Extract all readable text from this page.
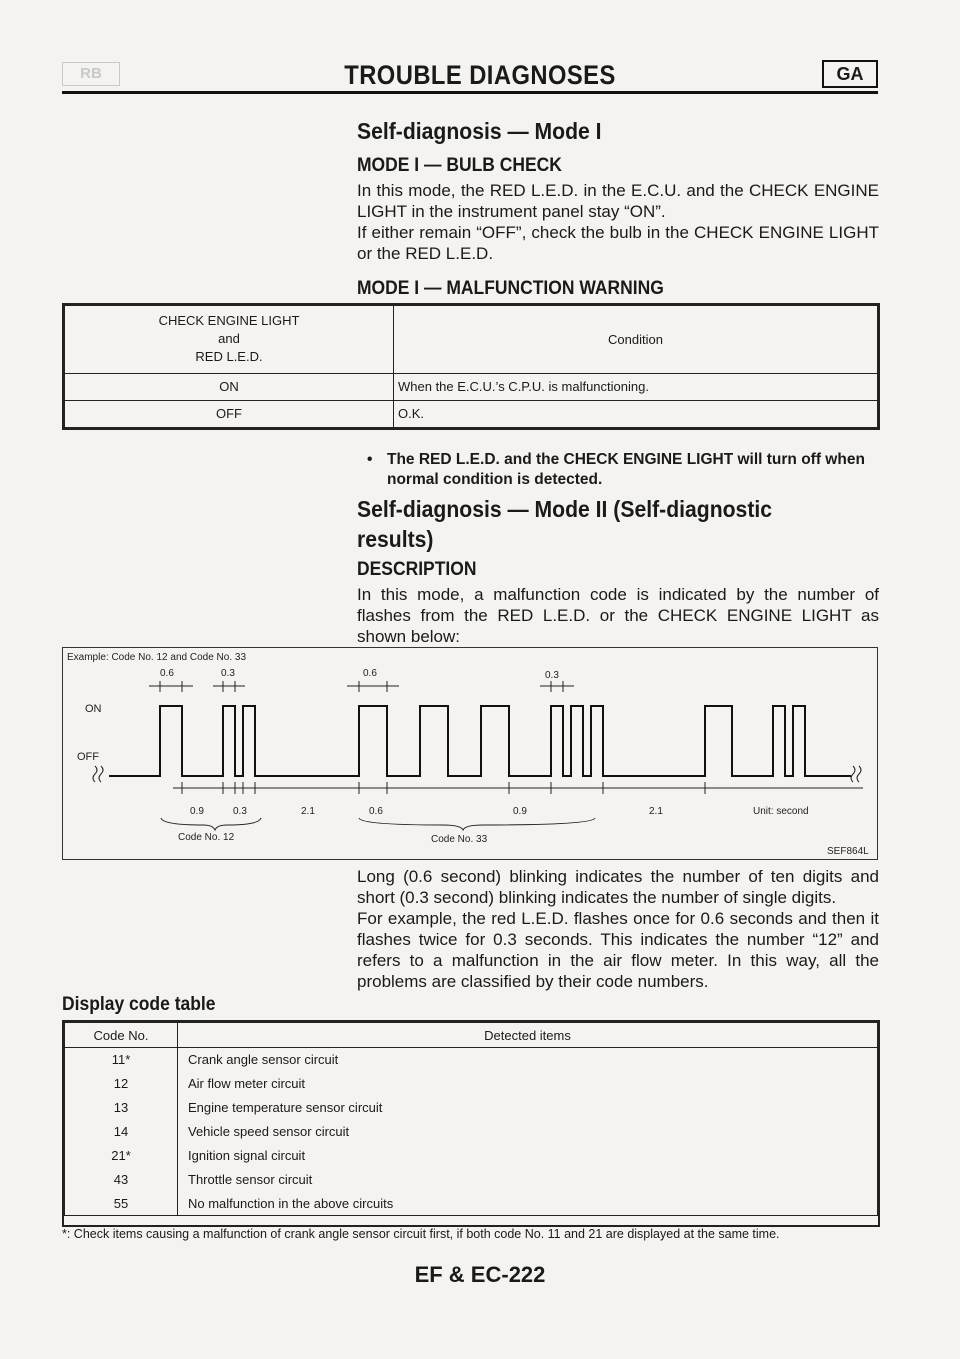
RB	TROUBLE DIAGNOSES	GA
Self-diagnosis — Mode I
MODE I — BULB CHECK

In this mode, the RED L.E.D. in the E.C.U. and the CHECK ENGINE LIGHT in the instrument panel stay “ON”.

If either remain “OFF”, check the bulb in the CHECK ENGINE LIGHT or the RED L.E.D.

MODE I — MALFUNCTION WARNING
CHECK ENGINE LIGHT
and
RED L.E.D.	Condition
ON	When the E.C.U.’s C.P.U. is malfunctioning.
OFF	O.K.
• The RED L.E.D. and the CHECK ENGINE LIGHT will turn off when normal condition is detected.
Self-diagnosis — Mode II (Self-diagnostic
results)
DESCRIPTION
In this mode, a malfunction code is indicated by the number of flashes from the RED L.E.D. or the CHECK ENGINE LIGHT as shown below:
Example: Code No. 12 and Code No. 33
ON
OFF
0.6	0.3	0.6	0.3
0.9	0.3	2.1	0.6	0.9	2.1
Code No. 12	Code No. 33
Unit: second
SEF864L

Long (0.6 second) blinking indicates the number of ten digits and short (0.3 second) blinking indicates the number of single digits.

For example, the red L.E.D. flashes once for 0.6 seconds and then it flashes twice for 0.3 seconds. This indicates the number “12” and refers to a malfunction in the air flow meter. In this way, all the problems are classified by their code numbers.

Display code table
Code No.	Detected items
11*	Crank angle sensor circuit
12	Air flow meter circuit
13	Engine temperature sensor circuit
14	Vehicle speed sensor circuit
21*	Ignition signal circuit
43	Throttle sensor circuit
55	No malfunction in the above circuits
*: Check items causing a malfunction of crank angle sensor circuit first, if both code No. 11 and 21 are displayed at the same time.
EF & EC-222
